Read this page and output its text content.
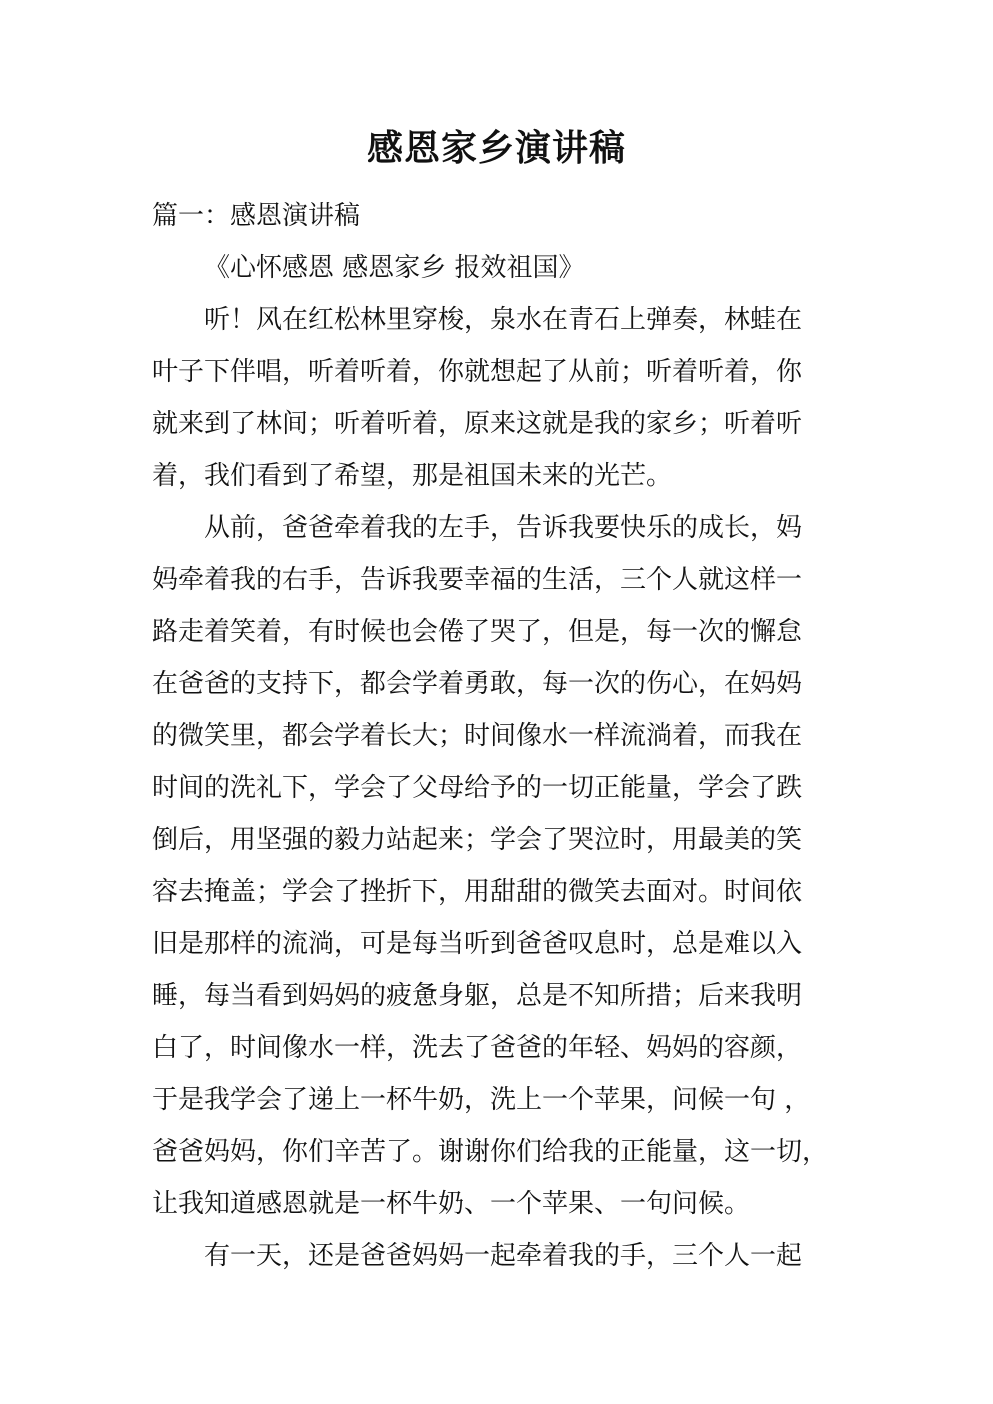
感恩家乡演讲稿

篇一：感恩演讲稿

《心怀感恩 感恩家乡 报效祖国》

听！风在红松林里穿梭，泉水在青石上弹奏，林蛙在

叶子下伴唱，听着听着，你就想起了从前；听着听着，你

就来到了林间；听着听着，原来这就是我的家乡；听着听

着，我们看到了希望，那是祖国未来的光芒。

从前，爸爸牵着我的左手，告诉我要快乐的成长，妈

妈牵着我的右手，告诉我要幸福的生活，三个人就这样一

路走着笑着，有时候也会倦了哭了，但是，每一次的懈怠

在爸爸的支持下，都会学着勇敢，每一次的伤心，在妈妈

的微笑里，都会学着长大；时间像水一样流淌着，而我在

时间的洗礼下，学会了父母给予的一切正能量，学会了跌

倒后，用坚强的毅力站起来；学会了哭泣时，用最美的笑

容去掩盖；学会了挫折下，用甜甜的微笑去面对。时间依

旧是那样的流淌，可是每当听到爸爸叹息时，总是难以入

睡，每当看到妈妈的疲惫身躯，总是不知所措；后来我明

白了，时间像水一样，洗去了爸爸的年轻、妈妈的容颜，

于是我学会了递上一杯牛奶，洗上一个苹果，问候一句 ，

爸爸妈妈，你们辛苦了。谢谢你们给我的正能量，这一切，

让我知道感恩就是一杯牛奶、一个苹果、一句问候。

有一天，还是爸爸妈妈一起牵着我的手，三个人一起
